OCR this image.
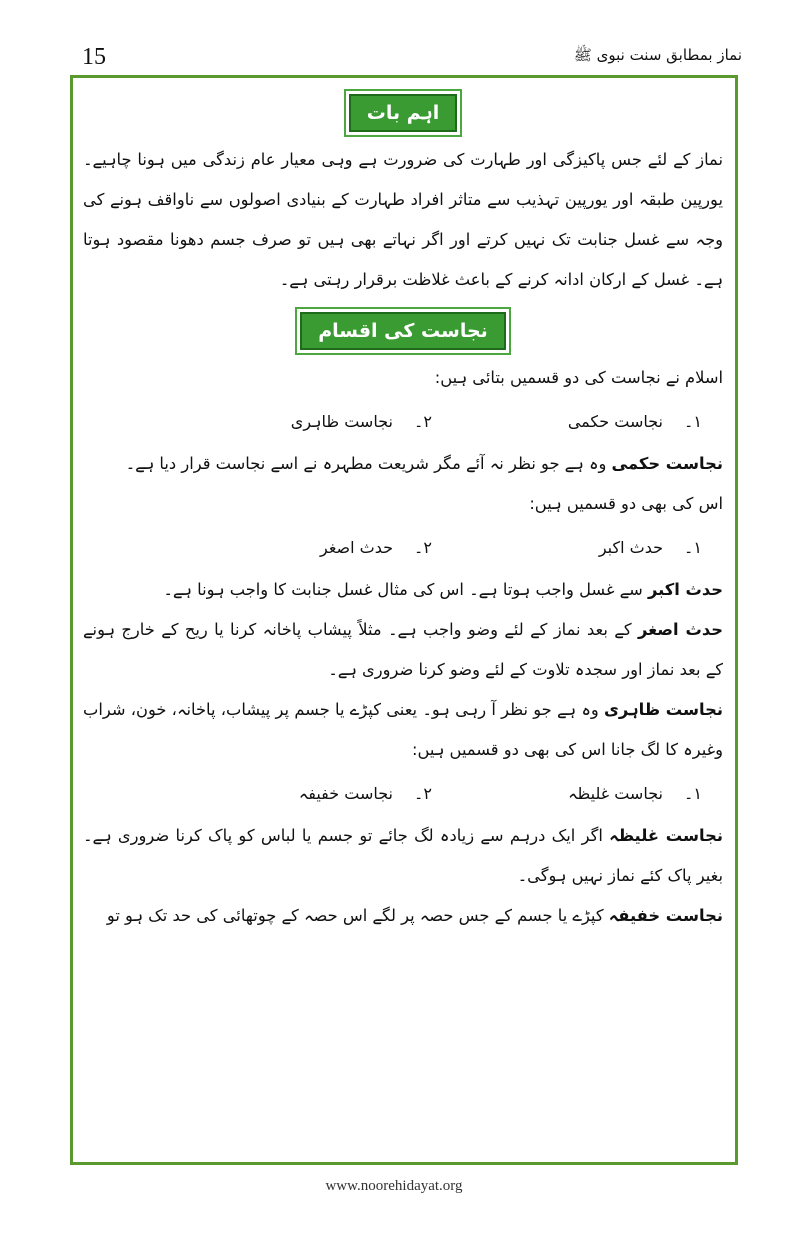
15	نماز بمطابق سنت نبوی ﷺ
اہم بات

نماز کے لئے جس پاکیزگی اور طہارت کی ضرورت ہے وہی معیار عام زندگی میں ہونا چاہیے۔ یورپین طبقہ اور یورپین تہذیب سے متاثر افراد طہارت کے بنیادی اصولوں سے ناواقف ہونے کی وجہ سے غسل جنابت تک نہیں کرتے اور اگر نہاتے بھی ہیں تو صرف جسم دھونا مقصود ہوتا ہے۔ غسل کے ارکان ادانہ کرنے کے باعث غلاظت برقرار رہتی ہے۔

نجاست کی اقسام

اسلام نے نجاست کی دو قسمیں بتائی ہیں:

۱۔
نجاست حکمی
۲۔
نجاست ظاہری

نجاست حکمی وہ ہے جو نظر نہ آئے مگر شریعت مطہرہ نے اسے نجاست قرار دیا ہے۔

اس کی بھی دو قسمیں ہیں:

۱۔
حدث اکبر
۲۔
حدث اصغر

حدث اکبر سے غسل واجب ہوتا ہے۔ اس کی مثال غسل جنابت کا واجب ہونا ہے۔

حدث اصغر کے بعد نماز کے لئے وضو واجب ہے۔ مثلاً پیشاب پاخانہ کرنا یا ریح کے خارج ہونے کے بعد نماز اور سجدہ تلاوت کے لئے وضو کرنا ضروری ہے۔

نجاست ظاہری وہ ہے جو نظر آ رہی ہو۔ یعنی کپڑے یا جسم پر پیشاب، پاخانہ، خون، شراب وغیرہ کا لگ جانا اس کی بھی دو قسمیں ہیں:

۱۔
نجاست غلیظہ
۲۔
نجاست خفیفہ

نجاست غلیظہ اگر ایک درہم سے زیادہ لگ جائے تو جسم یا لباس کو پاک کرنا ضروری ہے۔ بغیر پاک کئے نماز نہیں ہوگی۔

نجاست خفیفہ کپڑے یا جسم کے جس حصہ پر لگے اس حصہ کے چوتھائی کی حد تک ہو تو

www.noorehidayat.org
